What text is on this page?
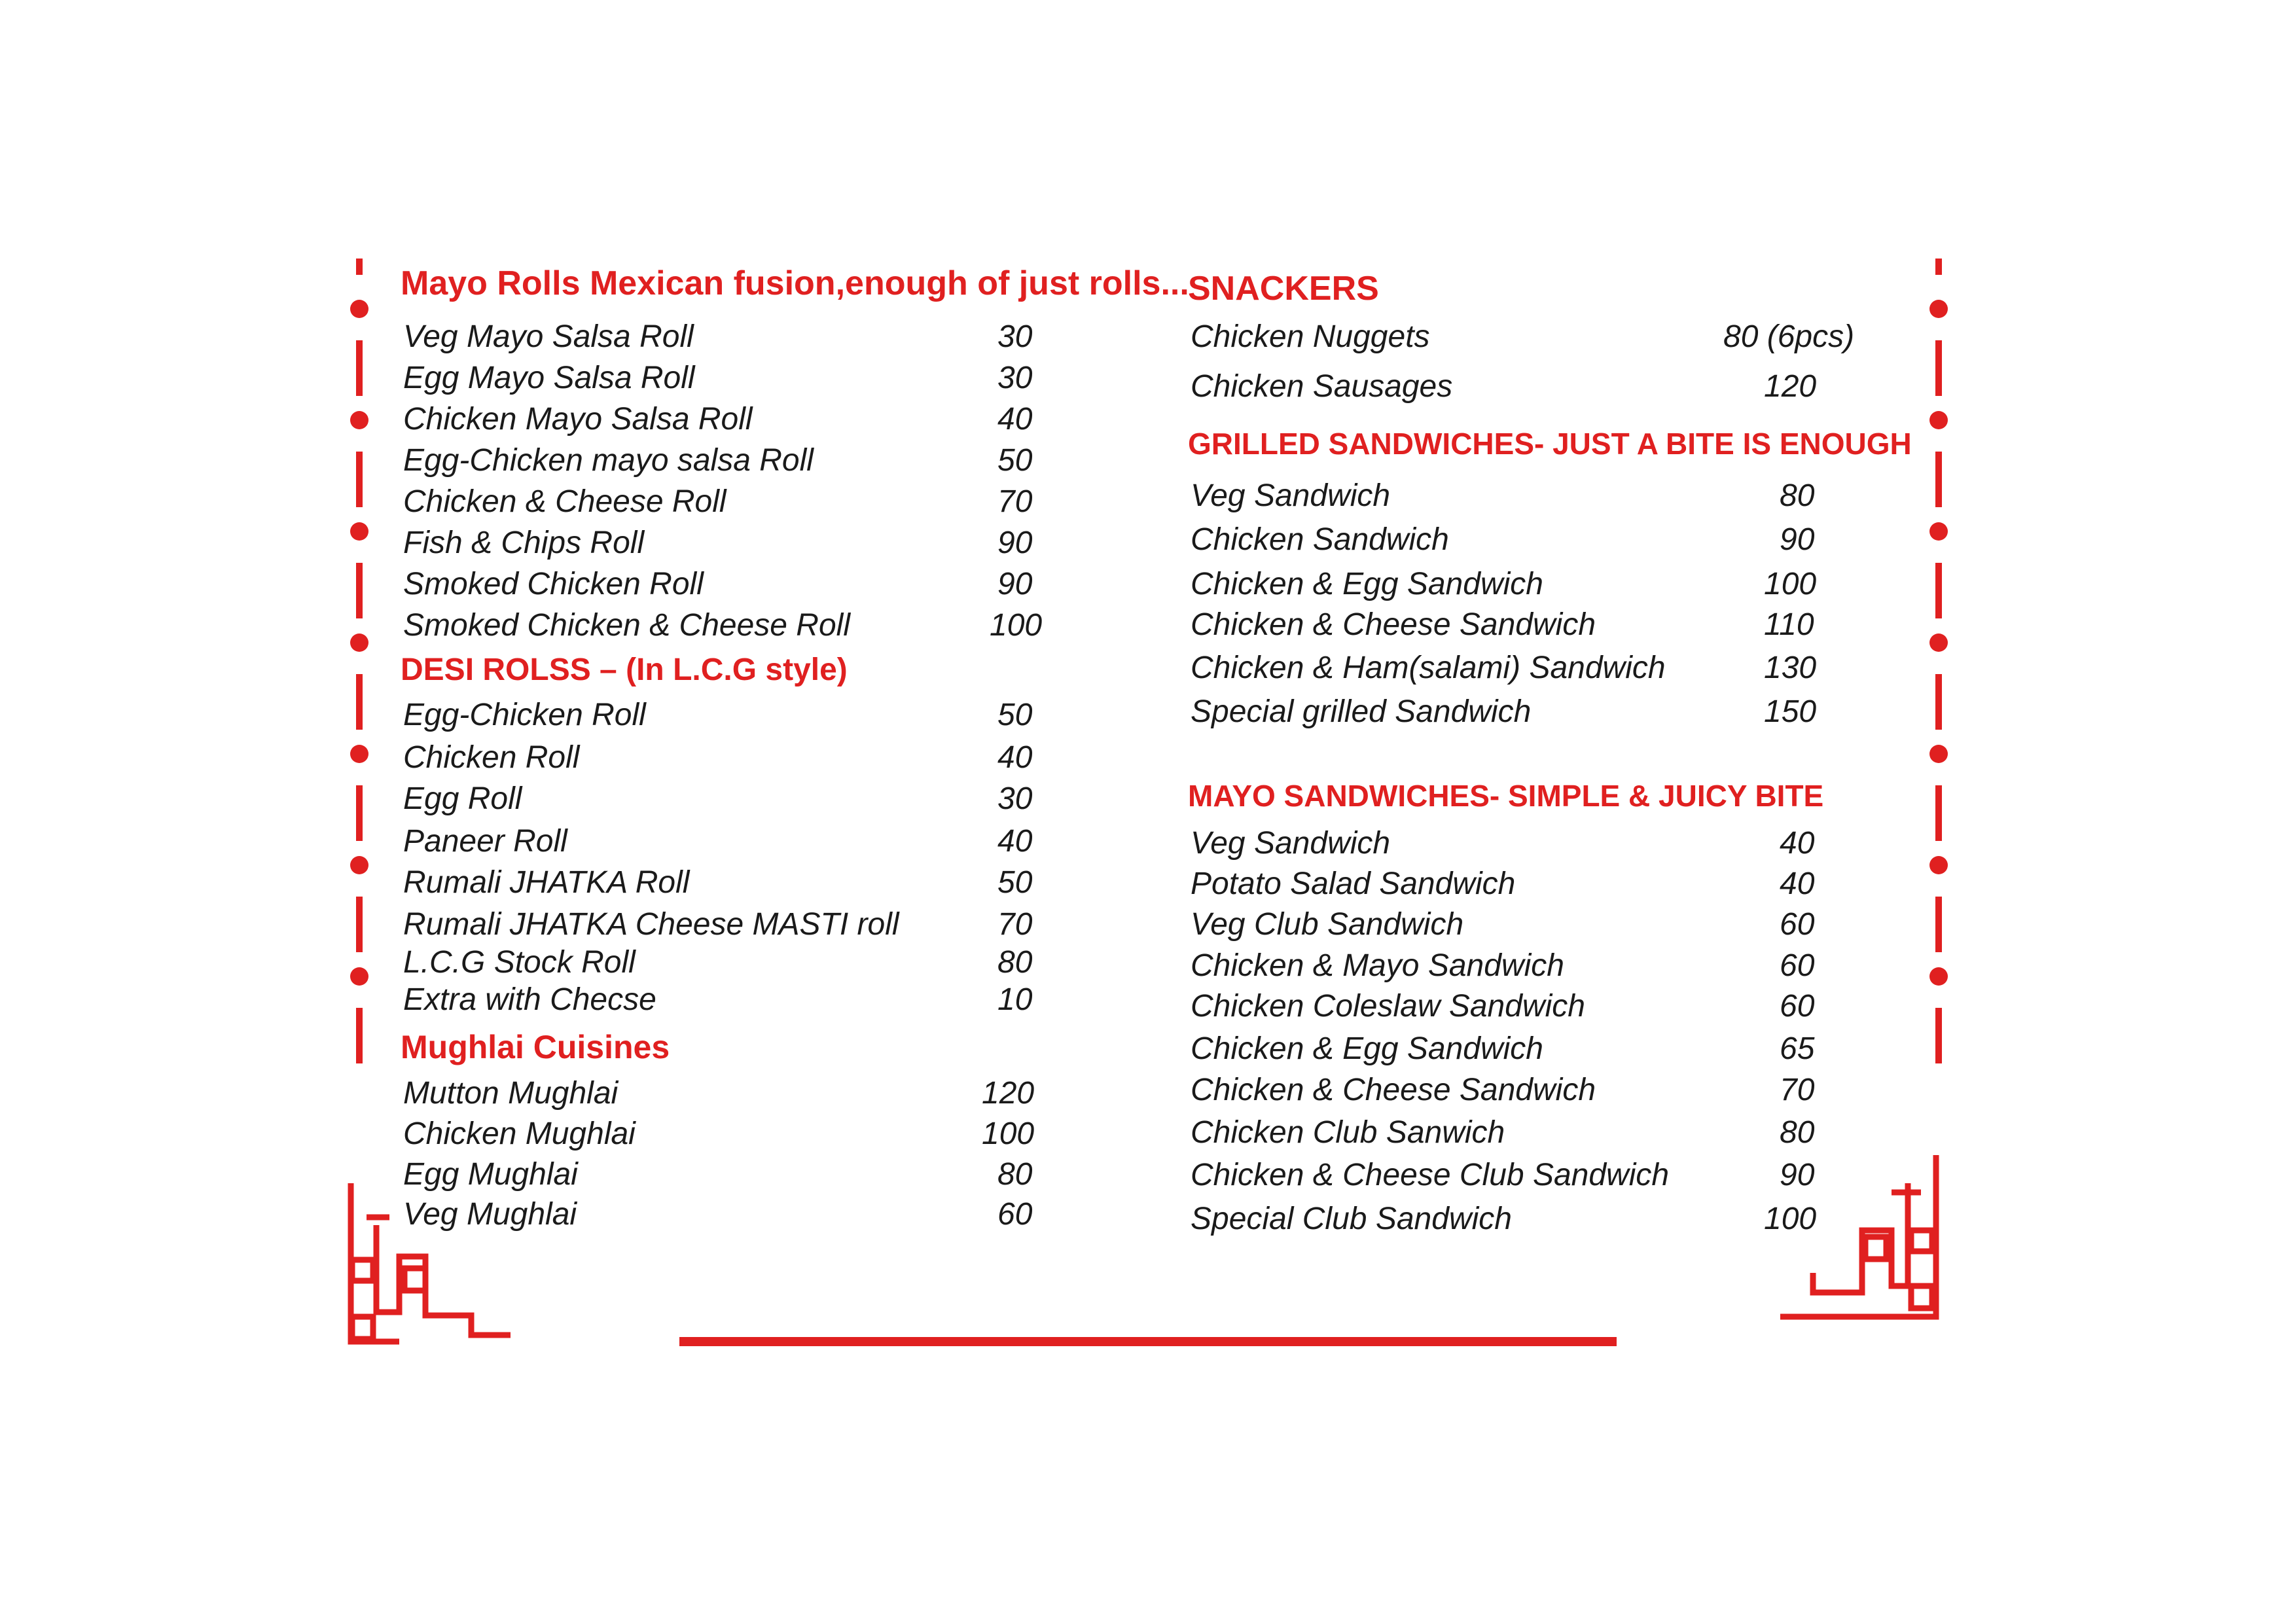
Mayo Rolls Mexican fusion,enough of just rolls...
Veg Mayo Salsa Roll	30
Egg Mayo Salsa Roll	30
Chicken Mayo Salsa Roll	40
Egg-Chicken mayo salsa Roll	50
Chicken & Cheese Roll	70
Fish & Chips Roll	90
Smoked Chicken Roll	90
Smoked Chicken & Cheese Roll	100
DESI ROLSS – (In L.C.G style)
Egg-Chicken Roll	50
Chicken Roll	40
Egg Roll	30
Paneer Roll	40
Rumali JHATKA Roll	50
Rumali JHATKA Cheese MASTI roll	70
L.C.G Stock Roll	80
Extra with Checse	10
Mughlai Cuisines
Mutton Mughlai	120
Chicken Mughlai	100
Egg Mughlai	80
Veg Mughlai	60
SNACKERS
Chicken Nuggets	80 (6pcs)
Chicken Sausages	120
GRILLED SANDWICHES- JUST A BITE IS ENOUGH
Veg Sandwich	80
Chicken Sandwich	90
Chicken & Egg Sandwich	100
Chicken & Cheese Sandwich	110
Chicken & Ham(salami) Sandwich	130
Special grilled Sandwich	150
MAYO SANDWICHES- SIMPLE & JUICY BITE
Veg Sandwich	40
Potato Salad Sandwich	40
Veg Club Sandwich	60
Chicken & Mayo Sandwich	60
Chicken Coleslaw Sandwich	60
Chicken & Egg Sandwich	65
Chicken & Cheese Sandwich	70
Chicken Club Sanwich	80
Chicken & Cheese Club Sandwich	90
Special Club Sandwich	100
